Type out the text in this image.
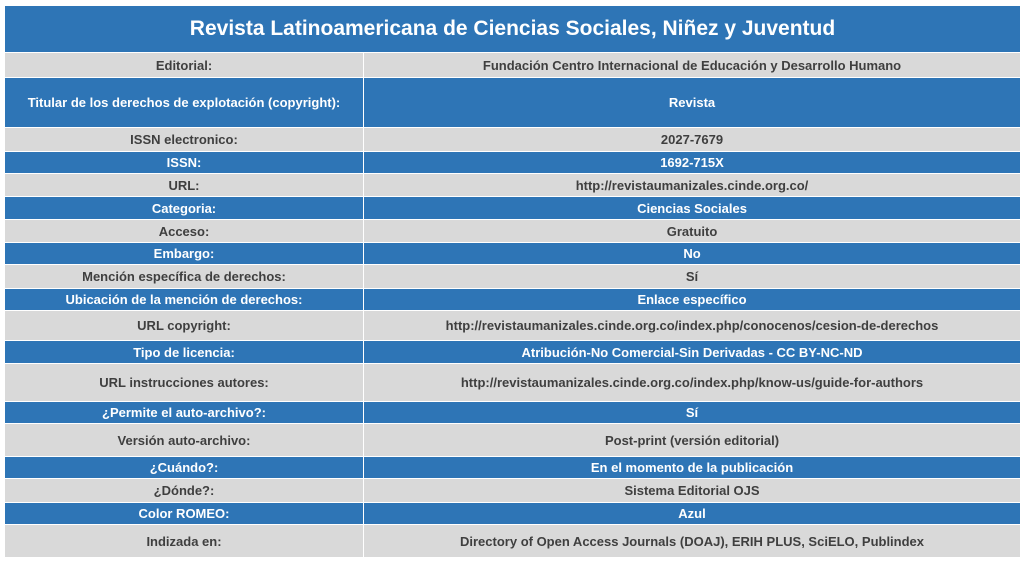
Revista Latinoamericana de Ciencias Sociales, Niñez y Juventud	
Editorial:	Fundación Centro Internacional de Educación y Desarrollo Humano
Titular de los derechos de explotación (copyright):	Revista
ISSN electronico:	2027-7679
ISSN:	1692-715X
URL:	http://revistaumanizales.cinde.org.co/
Categoria:	Ciencias Sociales
Acceso:	Gratuito
Embargo:	No
Mención específica de derechos:	Sí
Ubicación de la mención de derechos:	Enlace específico
URL copyright:	http://revistaumanizales.cinde.org.co/index.php/conocenos/cesion-de-derechos
Tipo de licencia:	Atribución-No Comercial-Sin Derivadas - CC BY-NC-ND
URL instrucciones autores:	http://revistaumanizales.cinde.org.co/index.php/know-us/guide-for-authors
¿Permite el auto-archivo?:	Sí
Versión auto-archivo:	Post-print (versión editorial)
¿Cuándo?:	En el momento de la publicación
¿Dónde?:	Sistema Editorial OJS
Color ROMEO:	Azul
Indizada en:	Directory of Open Access Journals (DOAJ), ERIH PLUS, SciELO, Publindex
